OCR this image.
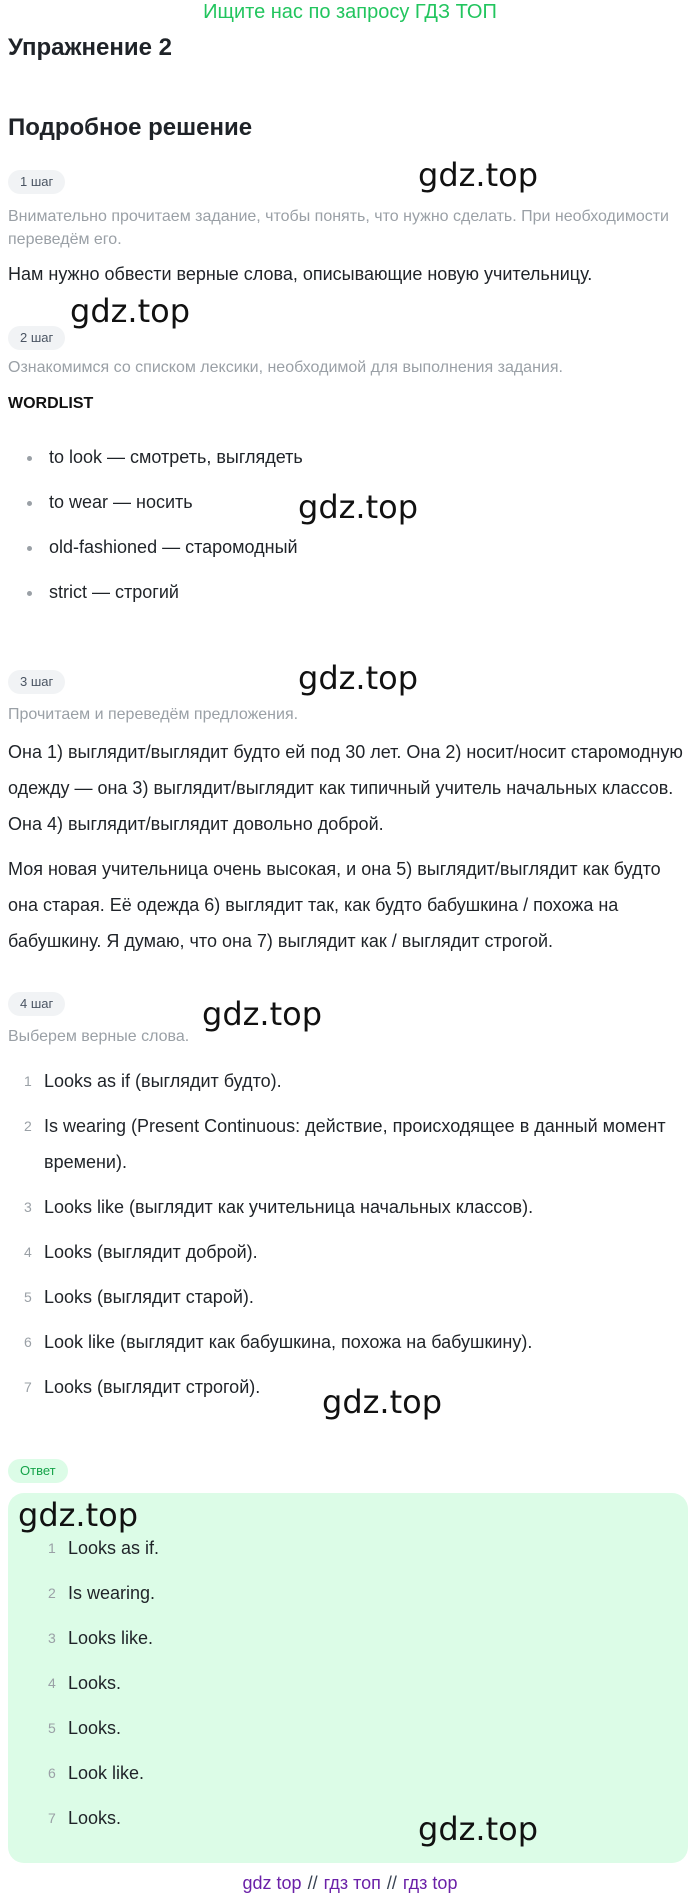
Ищите нас по запросу ГДЗ ТОП
Упражнение 2
Подробное решение
1 шаг
Внимательно прочитаем задание, чтобы понять, что нужно сделать. При необходимости переведём его.
Нам нужно обвести верные слова, описывающие новую учительницу.
2 шаг
Ознакомимся со списком лексики, необходимой для выполнения задания.
WORDLIST
to look — смотреть, выглядеть
to wear — носить
old-fashioned — старомодный
strict — строгий
3 шаг
Прочитаем и переведём предложения.
Она 1) выглядит/выглядит будто ей под 30 лет. Она 2) носит/носит старомодную одежду — она 3) выглядит/выглядит как типичный учитель начальных классов. Она 4) выглядит/выглядит довольно доброй.
Моя новая учительница очень высокая, и она 5) выглядит/выглядит как будто она старая. Её одежда 6) выглядит так, как будто бабушкина / похожа на бабушкину. Я думаю, что она 7) выглядит как / выглядит строгой.
4 шаг
Выберем верные слова.
1 Looks as if (выглядит будто).
2 Is wearing (Present Continuous: действие, происходящее в данный момент времени).
3 Looks like (выглядит как учительница начальных классов).
4 Looks (выглядит доброй).
5 Looks (выглядит старой).
6 Look like (выглядит как бабушкина, похожа на бабушкину).
7 Looks (выглядит строгой).
Ответ
1 Looks as if.
2 Is wearing.
3 Looks like.
4 Looks.
5 Looks.
6 Look like.
7 Looks.
gdz.top
gdz.top
gdz.top
gdz.top
gdz.top
gdz.top
gdz.top
gdz.top
gdz top // гдз топ // гдз top
